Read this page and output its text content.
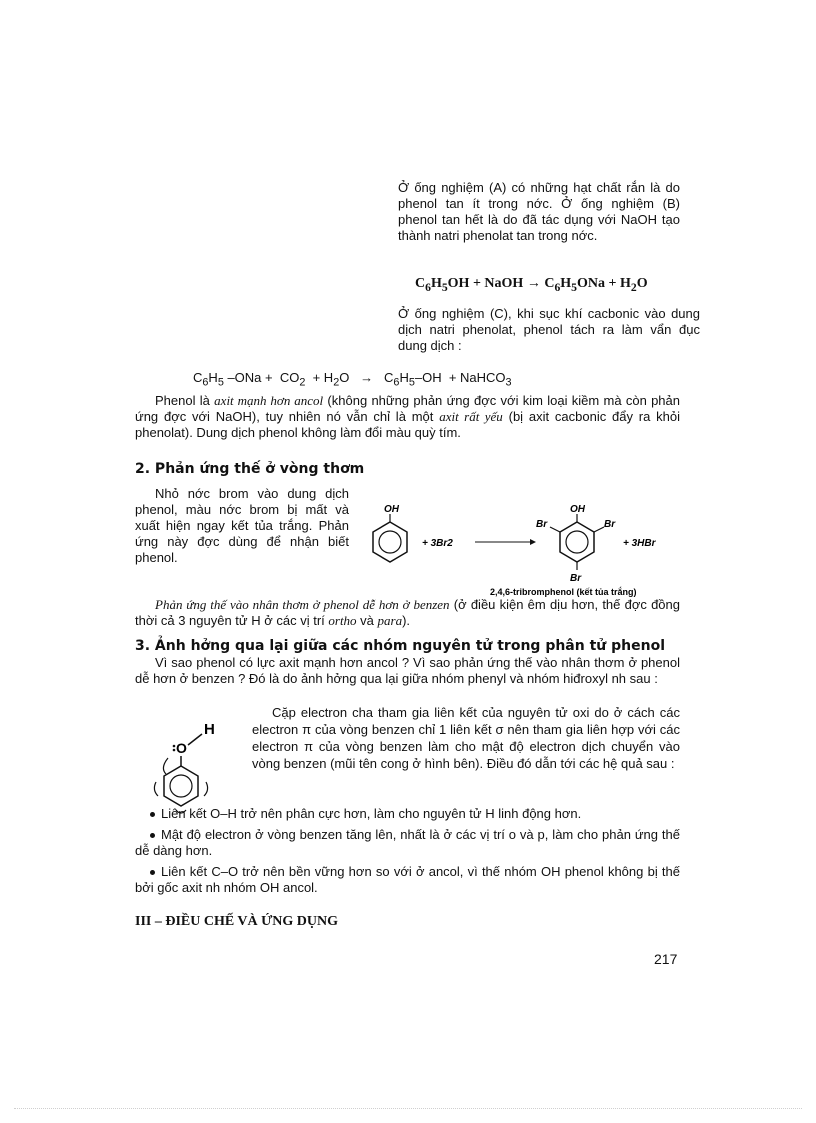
Ở ống nghiệm (A) có những hạt chất rắn là do phenol tan ít trong nớc. Ở ống nghiệm (B) phenol tan hết là do đã tác dụng với NaOH tạo thành natri phenolat tan trong nớc.
$C_6H_5OH$ + NaOH → $C_6H_5ONa + H_2O$
Ở ống nghiệm (C), khi sục khí cacbonic vào dung dịch natri phenolat, phenol tách ra làm vẩn đục dung dịch :
$C_6H_5$ $-ONa + CO_2 + H_2O \to C_6H_5-OH$  + NaHCO$_3$
Phenol là axit mạnh hơn ancol (không những phản ứng đợc với kim loại kiềm mà còn phản ứng đợc với NaOH), tuy nhiên nó vẫn chỉ là một axit rất yếu (bị axit cacbonic đẩy ra khỏi phenolat). Dung dịch phenol không làm đổi màu quỳ tím.
2. Phản ứng thế ở vòng thơm
Nhỏ nớc brom vào dung dịch phenol, màu nớc brom bị mất và xuất hiện ngay kết tủa trắng. Phản ứng này đợc dùng để nhận biết phenol.
OH
+ 3Br2
OH
Br	Br
Br
+ 3HBr
2,4,6-tribromphenol (kết tủa trắng)
Phản ứng thế vào nhân thơm ở phenol dễ hơn ở benzen (ở điều kiện êm dịu hơn, thế đợc đồng thời cả 3 nguyên tử H ở các vị trí ortho và para).
3. Ảnh hởng qua lại giữa các nhóm nguyên tử trong phân tử phenol
Vì sao phenol có lực axit mạnh hơn ancol ? Vì sao phản ứng thế vào nhân thơm ở phenol dễ hơn ở benzen ? Đó là do ảnh hởng qua lại giữa nhóm phenyl và nhóm hiđroxyl nh sau :
H
O
Cặp electron cha tham gia liên kết của nguyên tử oxi do ở cách các electron π của vòng benzen chỉ 1 liên kết σ nên tham gia liên hợp với các electron π của vòng benzen làm cho mật độ electron dịch chuyển vào vòng benzen (mũi tên cong ở hình bên). Điều đó dẫn tới các hệ quả sau :
Liên kết O–H trở nên phân cực hơn, làm cho nguyên tử H linh động hơn.
Mật độ electron ở vòng benzen tăng lên, nhất là ở các vị trí o và p, làm cho phản ứng thế dễ dàng hơn.
Liên kết C–O trở nên bền vững hơn so với ở ancol, vì thế nhóm OH phenol không bị thế bởi gốc axit nh nhóm OH ancol.
III – ĐIỀU CHẾ VÀ ỨNG DỤNG
217
